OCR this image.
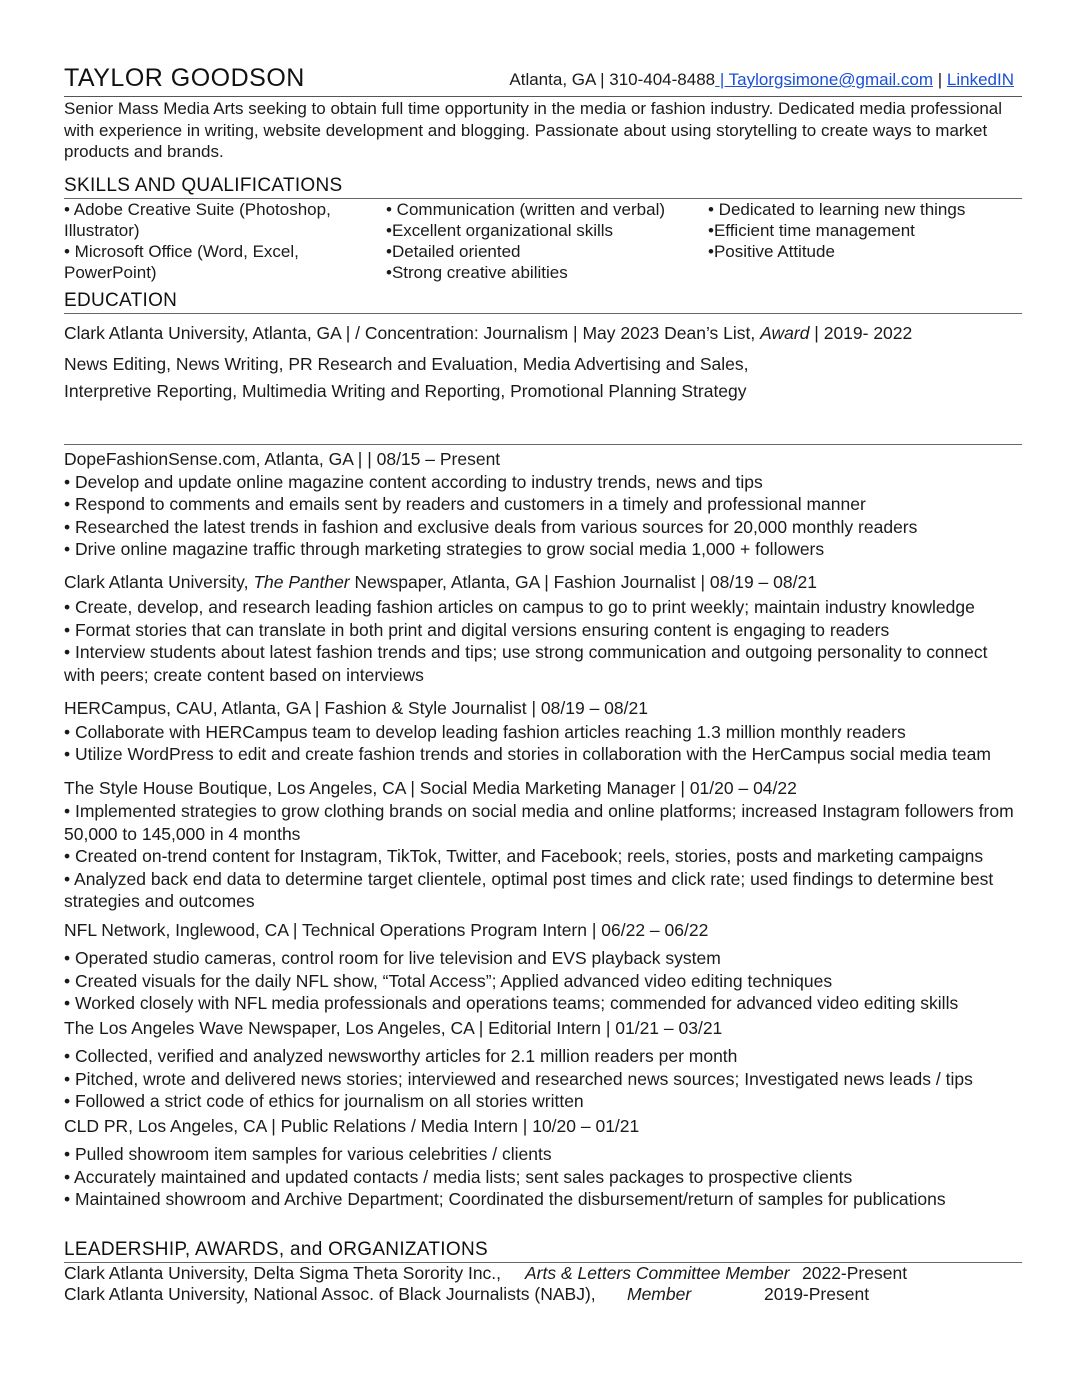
TAYLOR GOODSON	Atlanta, GA | 310-404-8488 | Taylorgsimone@gmail.com | LinkedIN
Senior Mass Media Arts seeking to obtain full time opportunity in the media or fashion industry. Dedicated media professional with experience in writing, website development and blogging. Passionate about using storytelling to create ways to market products and brands.
SKILLS AND QUALIFICATIONS
• Adobe Creative Suite (Photoshop, Illustrator)
• Microsoft Office (Word, Excel, PowerPoint)
• Communication (written and verbal)
•Excellent organizational skills
•Detailed oriented
•Strong creative abilities
• Dedicated to learning new things
•Efficient time management
•Positive Attitude
EDUCATION
Clark Atlanta University, Atlanta, GA | / Concentration: Journalism | May 2023 Dean’s List, Award | 2019- 2022
News Editing, News Writing, PR Research and Evaluation, Media Advertising and Sales,
Interpretive Reporting, Multimedia Writing and Reporting, Promotional Planning Strategy
DopeFashionSense.com, Atlanta, GA | | 08/15 – Present
• Develop and update online magazine content according to industry trends, news and tips
• Respond to comments and emails sent by readers and customers in a timely and professional manner
• Researched the latest trends in fashion and exclusive deals from various sources for 20,000 monthly readers
• Drive online magazine traffic through marketing strategies to grow social media 1,000 + followers
Clark Atlanta University, The Panther Newspaper, Atlanta, GA | Fashion Journalist | 08/19 – 08/21
• Create, develop, and research leading fashion articles on campus to go to print weekly; maintain industry knowledge
• Format stories that can translate in both print and digital versions ensuring content is engaging to readers
• Interview students about latest fashion trends and tips; use strong communication and outgoing personality to connect with peers; create content based on interviews
HERCampus, CAU, Atlanta, GA | Fashion & Style Journalist | 08/19 – 08/21
• Collaborate with HERCampus team to develop leading fashion articles reaching 1.3 million monthly readers
• Utilize WordPress to edit and create fashion trends and stories in collaboration with the HerCampus social media team
The Style House Boutique, Los Angeles, CA | Social Media Marketing Manager | 01/20 – 04/22
• Implemented strategies to grow clothing brands on social media and online platforms; increased Instagram followers from 50,000 to 145,000 in 4 months
• Created on-trend content for Instagram, TikTok, Twitter, and Facebook; reels, stories, posts and marketing campaigns
• Analyzed back end data to determine target clientele, optimal post times and click rate; used findings to determine best strategies and outcomes
NFL Network, Inglewood, CA | Technical Operations Program Intern | 06/22 – 06/22
• Operated studio cameras, control room for live television and EVS playback system
• Created visuals for the daily NFL show, “Total Access”; Applied advanced video editing techniques
• Worked closely with NFL media professionals and operations teams; commended for advanced video editing skills
The Los Angeles Wave Newspaper, Los Angeles, CA | Editorial Intern | 01/21 – 03/21
• Collected, verified and analyzed newsworthy articles for 2.1 million readers per month
• Pitched, wrote and delivered news stories; interviewed and researched news sources; Investigated news leads / tips
• Followed a strict code of ethics for journalism on all stories written
CLD PR, Los Angeles, CA | Public Relations / Media Intern | 10/20 – 01/21
• Pulled showroom item samples for various celebrities / clients
• Accurately maintained and updated contacts / media lists; sent sales packages to prospective clients
• Maintained showroom and Archive Department; Coordinated the disbursement/return of samples for publications
LEADERSHIP, AWARDS, and ORGANIZATIONS
Clark Atlanta University, Delta Sigma Theta Sorority Inc., Arts & Letters Committee Member 2022-Present
Clark Atlanta University, National Assoc. of Black Journalists (NABJ), Member	2019-Present
